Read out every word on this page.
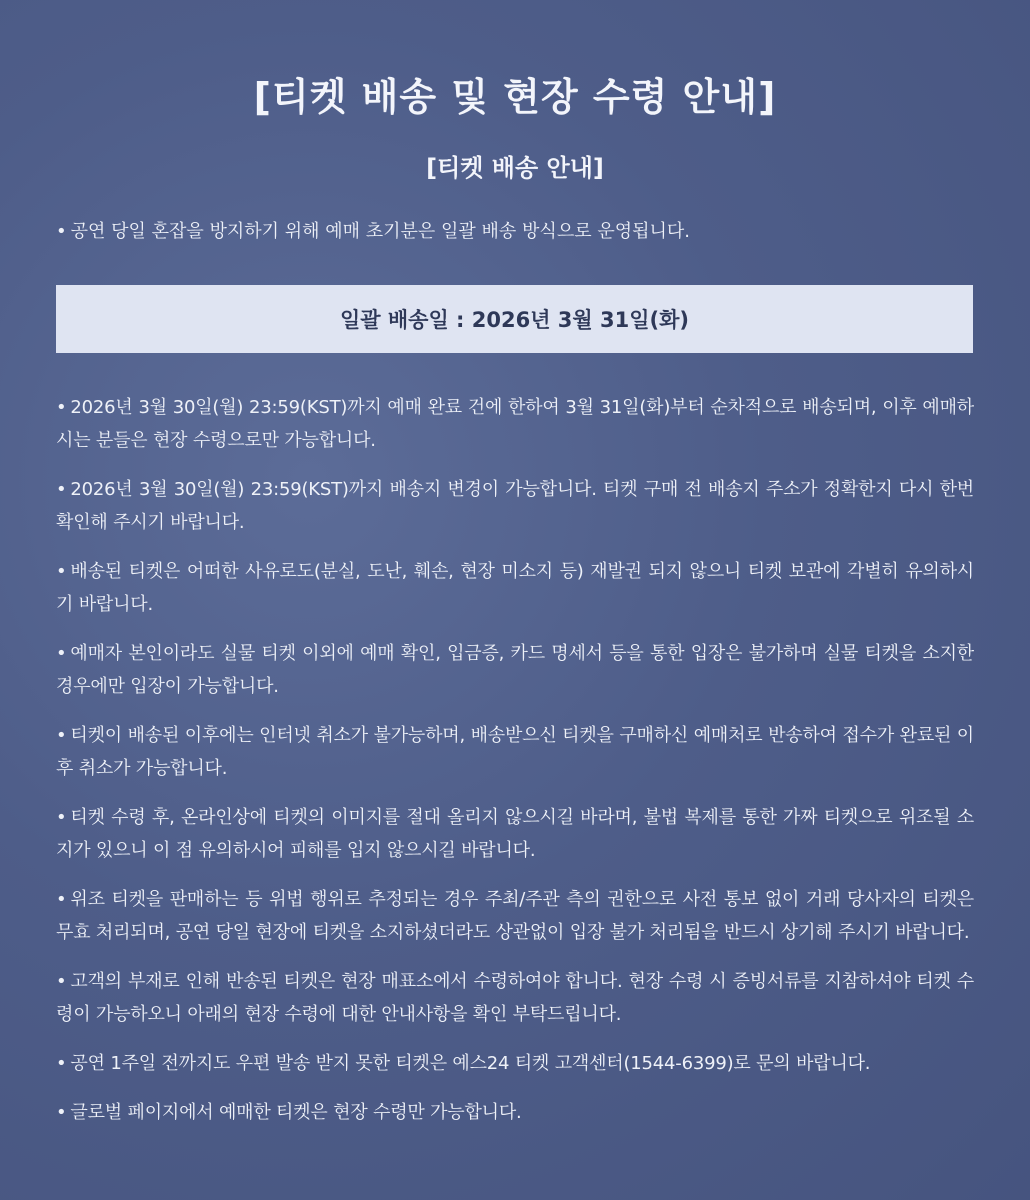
[티켓 배송 및 현장 수령 안내]
[티켓 배송 안내]
• 공연 당일 혼잡을 방지하기 위해 예매 초기분은 일괄 배송 방식으로 운영됩니다.
일괄 배송일 : 2026년 3월 31일(화)
• 2026년 3월 30일(월) 23:59(KST)까지 예매 완료 건에 한하여 3월 31일(화)부터 순차적으로 배송되며, 이후 예매하시는 분들은 현장 수령으로만 가능합니다.
• 2026년 3월 30일(월) 23:59(KST)까지 배송지 변경이 가능합니다. 티켓 구매 전 배송지 주소가 정확한지 다시 한번 확인해 주시기 바랍니다.
• 배송된 티켓은 어떠한 사유로도(분실, 도난, 훼손, 현장 미소지 등) 재발권 되지 않으니 티켓 보관에 각별히 유의하시기 바랍니다.
• 예매자 본인이라도 실물 티켓 이외에 예매 확인, 입금증, 카드 명세서 등을 통한 입장은 불가하며 실물 티켓을 소지한 경우에만 입장이 가능합니다.
• 티켓이 배송된 이후에는 인터넷 취소가 불가능하며, 배송받으신 티켓을 구매하신 예매처로 반송하여 접수가 완료된 이후 취소가 가능합니다.
• 티켓 수령 후, 온라인상에 티켓의 이미지를 절대 올리지 않으시길 바라며, 불법 복제를 통한 가짜 티켓으로 위조될 소지가 있으니 이 점 유의하시어 피해를 입지 않으시길 바랍니다.
• 위조 티켓을 판매하는 등 위법 행위로 추정되는 경우 주최/주관 측의 권한으로 사전 통보 없이 거래 당사자의 티켓은 무효 처리되며, 공연 당일 현장에 티켓을 소지하셨더라도 상관없이 입장 불가 처리됨을 반드시 상기해 주시기 바랍니다.
• 고객의 부재로 인해 반송된 티켓은 현장 매표소에서 수령하여야 합니다. 현장 수령 시 증빙서류를 지참하셔야 티켓 수령이 가능하오니 아래의 현장 수령에 대한 안내사항을 확인 부탁드립니다.
• 공연 1주일 전까지도 우편 발송 받지 못한 티켓은 예스24 티켓 고객센터(1544-6399)로 문의 바랍니다.
• 글로벌 페이지에서 예매한 티켓은 현장 수령만 가능합니다.
